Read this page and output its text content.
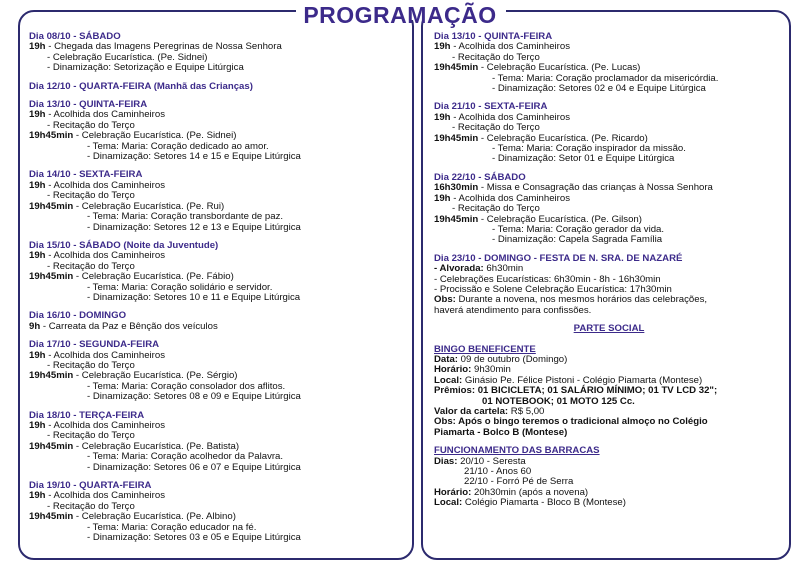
PROGRAMAÇÃO
Dia 08/10 - SÁBADO
19h - Chegada das Imagens Peregrinas de Nossa Senhora
- Celebração Eucarística. (Pe. Sidnei)
- Dinamização: Setorização e Equipe Litúrgica
Dia 12/10 - QUARTA-FEIRA (Manhã das Crianças)
Dia 13/10 - QUINTA-FEIRA
19h - Acolhida dos Caminheiros
- Recitação do Terço
19h45min - Celebração Eucarística. (Pe. Sidnei)
- Tema: Maria: Coração dedicado ao amor.
- Dinamização: Setores 14 e 15 e Equipe Litúrgica
Dia 14/10 - SEXTA-FEIRA
19h - Acolhida dos Caminheiros
- Recitação do Terço
19h45min - Celebração Eucarística. (Pe. Rui)
- Tema: Maria: Coração transbordante de paz.
- Dinamização: Setores 12 e 13 e Equipe Litúrgica
Dia 15/10 - SÁBADO (Noite da Juventude)
19h - Acolhida dos Caminheiros
- Recitação do Terço
19h45min - Celebração Eucarística. (Pe. Fábio)
- Tema: Maria: Coração solidário e servidor.
- Dinamização: Setores 10 e 11 e Equipe Litúrgica
Dia 16/10 - DOMINGO
9h - Carreata da Paz e Bênção dos veículos
Dia 17/10 - SEGUNDA-FEIRA
19h - Acolhida dos Caminheiros
- Recitação do Terço
19h45min - Celebração Eucarística. (Pe. Sérgio)
- Tema: Maria: Coração consolador dos aflitos.
- Dinamização: Setores 08 e 09 e Equipe Litúrgica
Dia 18/10 - TERÇA-FEIRA
19h - Acolhida dos Caminheiros
- Recitação do Terço
19h45min - Celebração Eucarística. (Pe. Batista)
- Tema: Maria: Coração acolhedor da Palavra.
- Dinamização: Setores 06 e 07 e Equipe Litúrgica
Dia 19/10 - QUARTA-FEIRA
19h - Acolhida dos Caminheiros
- Recitação do Terço
19h45min - Celebração Eucarística. (Pe. Albino)
- Tema: Maria: Coração educador na fé.
- Dinamização: Setores 03 e 05 e Equipe Litúrgica
Dia 13/10 - QUINTA-FEIRA
19h - Acolhida dos Caminheiros
- Recitação do Terço
19h45min - Celebração Eucarística. (Pe. Lucas)
- Tema: Maria: Coração proclamador da misericórdia.
- Dinamização: Setores 02 e 04 e Equipe Litúrgica
Dia 21/10 - SEXTA-FEIRA
19h - Acolhida dos Caminheiros
- Recitação do Terço
19h45min - Celebração Eucarística. (Pe. Ricardo)
- Tema: Maria: Coração inspirador da missão.
- Dinamização: Setor 01 e Equipe Litúrgica
Dia 22/10 - SÁBADO
16h30min - Missa e Consagração das crianças à Nossa Senhora
19h - Acolhida dos Caminheiros
- Recitação do Terço
19h45min - Celebração Eucarística. (Pe. Gilson)
- Tema: Maria: Coração gerador da vida.
- Dinamização: Capela Sagrada Família
Dia 23/10 - DOMINGO - FESTA DE N. SRA. DE NAZARÉ
- Alvorada: 6h30min
- Celebrações Eucarísticas: 6h30min - 8h - 16h30min
- Procissão e Solene Celebração Eucarística: 17h30min
Obs: Durante a novena, nos mesmos horários das celebrações,
haverá atendimento para confissões.
PARTE SOCIAL
BINGO BENEFICENTE
Data: 09 de outubro (Domingo)
Horário: 9h30min
Local: Ginásio Pe. Félice Pistoni - Colégio Piamarta (Montese)
Prêmios: 01 BICICLETA; 01 SALÁRIO MÍNIMO; 01 TV LCD 32";
01 NOTEBOOK; 01 MOTO 125 Cc.
Valor da cartela: R$ 5,00
Obs: Após o bingo teremos o tradicional almoço no Colégio
Piamarta - Bolco B (Montese)
FUNCIONAMENTO DAS BARRACAS
Dias: 20/10 - Seresta
21/10 - Anos 60
22/10 - Forró Pé de Serra
Horário: 20h30min (após a novena)
Local: Colégio Piamarta - Bloco B (Montese)
